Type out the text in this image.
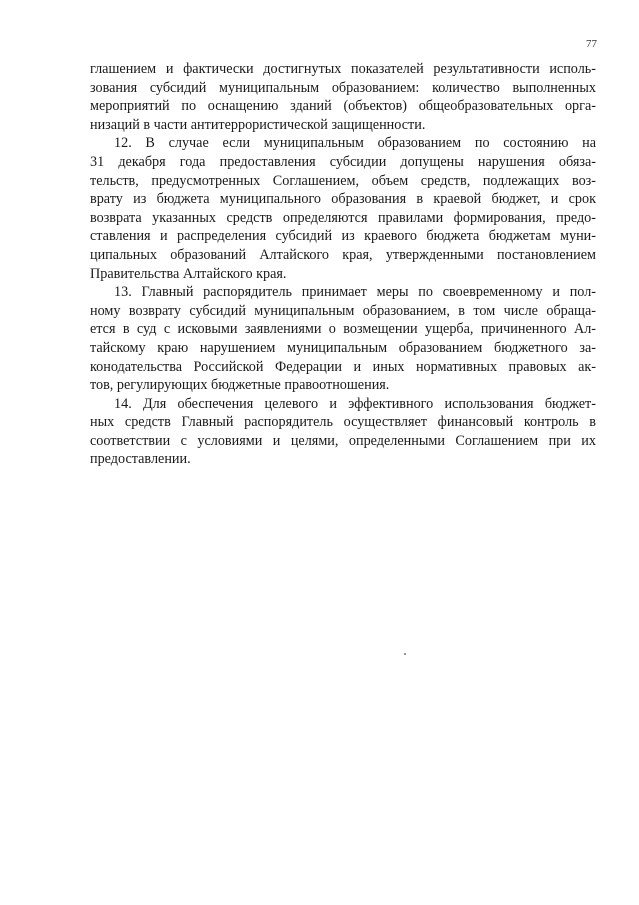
77

глашением и фактически достигнутых показателей результативности исполь-
зования субсидий муниципальным образованием: количество выполненных
мероприятий по оснащению зданий (объектов) общеобразовательных орга-
низаций в части антитеррористической защищенности.

12. В случае если муниципальным образованием по состоянию на
31 декабря года предоставления субсидии допущены нарушения обяза-
тельств, предусмотренных Соглашением, объем средств, подлежащих воз-
врату из бюджета муниципального образования в краевой бюджет, и срок
возврата указанных средств определяются правилами формирования, предо-
ставления и распределения субсидий из краевого бюджета бюджетам муни-
ципальных образований Алтайского края, утвержденными постановлением
Правительства Алтайского края.

13. Главный распорядитель принимает меры по своевременному и пол-
ному возврату субсидий муниципальным образованием, в том числе обраща-
ется в суд с исковыми заявлениями о возмещении ущерба, причиненного Ал-
тайскому краю нарушением муниципальным образованием бюджетного за-
конодательства Российской Федерации и иных нормативных правовых ак-
тов, регулирующих бюджетные правоотношения.

14. Для обеспечения целевого и эффективного использования бюджет-
ных средств Главный распорядитель осуществляет финансовый контроль в
соответствии с условиями и целями, определенными Соглашением при их
предоставлении.
